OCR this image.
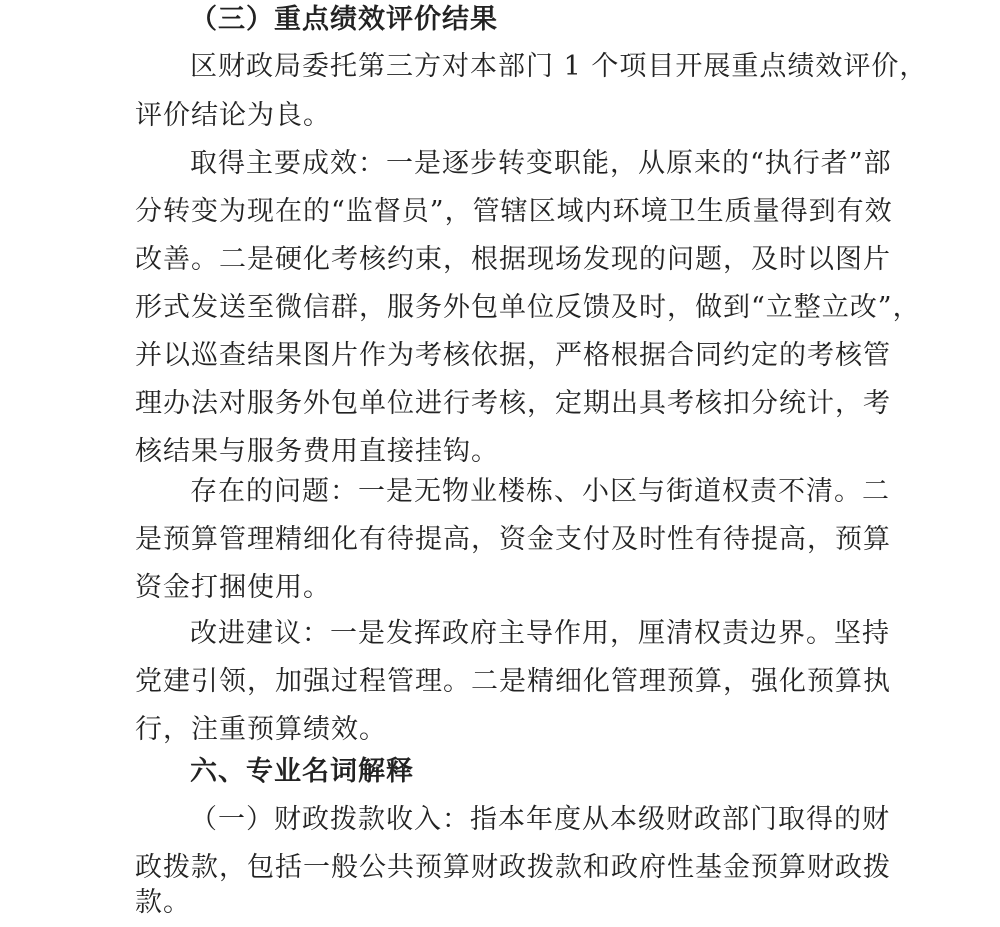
（三）重点绩效评价结果
区财政局委托第三方对本部门 1 个项目开展重点绩效评价，
评价结论为良。
取得主要成效：一是逐步转变职能，从原来的“执行者”部
分转变为现在的“监督员”，管辖区域内环境卫生质量得到有效
改善。二是硬化考核约束，根据现场发现的问题，及时以图片
形式发送至微信群，服务外包单位反馈及时，做到“立整立改”，
并以巡查结果图片作为考核依据，严格根据合同约定的考核管
理办法对服务外包单位进行考核，定期出具考核扣分统计，考
核结果与服务费用直接挂钩。
存在的问题：一是无物业楼栋、小区与街道权责不清。二
是预算管理精细化有待提高，资金支付及时性有待提高，预算
资金打捆使用。
改进建议：一是发挥政府主导作用，厘清权责边界。坚持
党建引领，加强过程管理。二是精细化管理预算，强化预算执
行，注重预算绩效。
六、专业名词解释
（一）财政拨款收入：指本年度从本级财政部门取得的财
政拨款，包括一般公共预算财政拨款和政府性基金预算财政拨
款。
